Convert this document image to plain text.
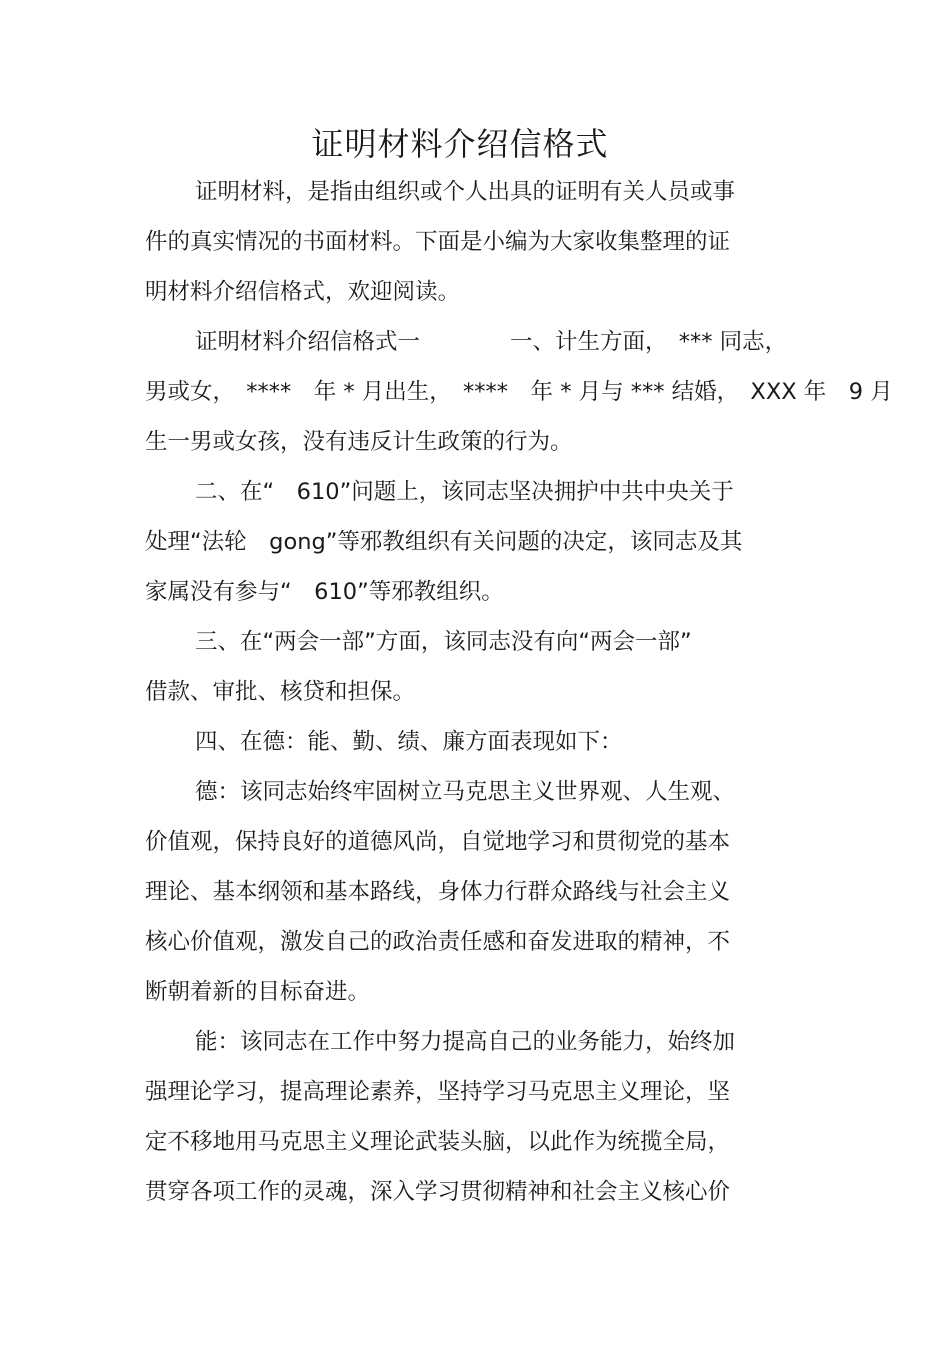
证明材料介绍信格式
证明材料，是指由组织或个人出具的证明有关人员或事
件的真实情况的书面材料。下面是小编为大家收集整理的证
明材料介绍信格式，欢迎阅读。
证明材料介绍信格式一　　　　一、计生方面，　*** 同志，
男或女，　****　年 * 月出生，　****　年 * 月与 *** 结婚，　XXX 年　9 月
生一男或女孩，没有违反计生政策的行为。
二、在“　610”问题上，该同志坚决拥护中共中央关于
处理“法轮　gong”等邪教组织有关问题的决定，该同志及其
家属没有参与“　610”等邪教组织。
三、在“两会一部”方面，该同志没有向“两会一部”
借款、审批、核贷和担保。
四、在德：能、勤、绩、廉方面表现如下：
德：该同志始终牢固树立马克思主义世界观、人生观、
价值观，保持良好的道德风尚，自觉地学习和贯彻党的基本
理论、基本纲领和基本路线，身体力行群众路线与社会主义
核心价值观，激发自己的政治责任感和奋发进取的精神，不
断朝着新的目标奋进。
能：该同志在工作中努力提高自己的业务能力，始终加
强理论学习，提高理论素养，坚持学习马克思主义理论，坚
定不移地用马克思主义理论武装头脑，以此作为统揽全局，
贯穿各项工作的灵魂，深入学习贯彻精神和社会主义核心价
